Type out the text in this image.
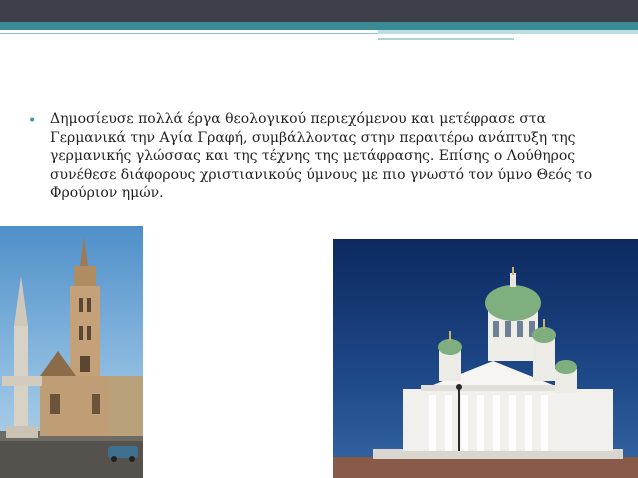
• Δημοσίευσε πολλά έργα θεολογικού περιεχόμενου και μετέφρασε στα Γερμανικά την Αγία Γραφή, συμβάλλοντας στην περαιτέρω ανάπτυξη της γερμανικής γλώσσας και της τέχνης της μετάφρασης. Επίσης ο Λούθηρος συνέθεσε διάφορους χριστιανικούς ύμνους με πιο γνωστό τον ύμνο Θεός το Φρούριον ημών.
